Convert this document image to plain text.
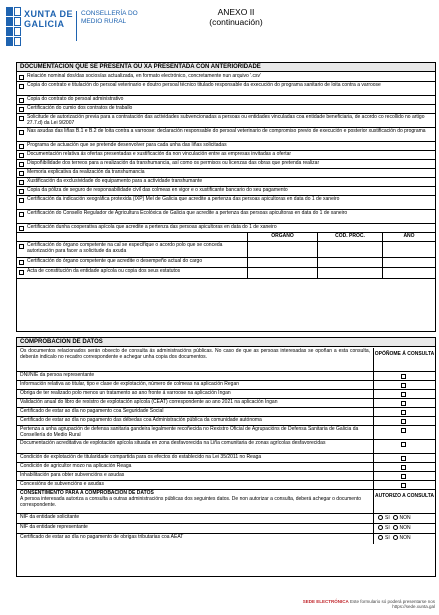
XUNTA DE GALICIA
CONSELLERÍA DO MEDIO RURAL
ANEXO II
(continuación)
DOCUMENTACIÓN QUE SE PRESENTA OU XA PRESENTADA CON ANTERIORIDADE
Relación nominal dos/das socios/as actualizada, en formato electrónico, concretamente nun arquivo '.csv'
Copia do contrato e titulación do persoal veterinario e doutro persoal técnico titulado responsable da execución do programa sanitario de loita contra a varroose
Copia do contrato do persoal administrativo
Certificación do cumio dos contratos de traballo
Solicitude de autorización previa para a contratación das actividades subvencionadas a persoas ou entidades vinculadas coa entidade beneficiaria, de acordo co recollido no artigo 27.7.d) da Lei 9/2007
Nas axudas das liñas B.1 e B.2 de loita contra a varroose: declaración responsable do persoal veterinario de compromiso previo de execución e posterior xustificación do programa
Programa de actuación que se pretende desenvolver para cada unha das liñas solicitadas
Documentación relativa ás ofertas presentadas e xustificación da non vinculación entre as empresas invitadas a ofertar
Dispoñibilidade dos terreos para a realización da transhumancia, así como os permisos ou licenzas das obras que pretenda realizar
Memoria explicativa da realización da transhumancia
Xustificación da exclusividade do equipamento para a actividade transhumante
Copia da póliza de seguro de responsabilidade civil das colmeas en vigor e o xustificante bancario do seu pagamento
Certificación da indicación xeográfica protexida (IXP) Mel de Galicia que acredite a pertenza das persoas apicultoras en data do 1 de xaneiro
Certificación do Consello Regulador de Agricultura Ecolóxica de Galicia que acredite a pertenza das persoas apicultoras en data do 1 de xaneiro
Certificación dunha cooperativa apícola que acredite a pertenza das persoas apicultoras en data do 1 de xaneiro
ÓRGANO	CÓD. PROC.	ANO
Certificación do órgano competente na cal se especifique o acordo polo que se conceda autorización para facer a solicitude da axuda
Certificación do órgano competente que acredite o desempeño actual do cargo
Acta de constitución da entidade apícola ou copia dos seus estatutos
COMPROBACIÓN DE DATOS
Os documentos relacionados serán obxecto de consulta ás administracións públicas. No caso de que as persoas interesadas se opoñan a esta consulta, deberán indicalo no recadro correspondente e achegar unha copia dos documentos.	OPÓÑOME Á CONSULTA
DNI/NIE da persoa representante
Información relativa ao titular, tipo e clase de explotación, número de colmeas na aplicación Regan
Obriga de ter realizado polo menos un tratamento ao ano fronte á varroose na aplicación Ingan
Validación anual do libro de rexistro de explotación apícola (CEAT) correspondente ao ano 2021 na aplicación Ingan
Certificado de estar ao día no pagamento coa Seguridade Social
Certificado de estar ao día no pagamento das débedas coa Administración pública da comunidade autónoma
Pertenza a unha agrupación de defensa sanitaria gandeira legalmente recoñecida no Rexistro Oficial de Agrupacións de Defensa Sanitaria de Galicia da Consellería do Medio Rural
Documentación acreditativa de explotación apícola situada en zona desfavorecida na Liña comunitaria de zonas agrícolas desfavorecidas
Condición de explotación de titularidade compartida para os efectos do establecido na Lei 35/2011 no Reaga
Condición de agricultor mozo na aplicación Reaga
Inhabilitación para obter subvencións e axudas
Concesións de subvencións e axudas
CONSENTIMENTO PARA A COMPROBACIÓN DE DATOS
A persoa interesada autoriza a consulta a outras administracións públicas dos seguintes datos. De non autorizar a consulta, deberá achegar o documento correspondente.
AUTORIZO A CONSULTA
NIF da entidade solicitante	SI NON
NIF da entidade representante	SI NON
Certificado de estar ao día no pagamento de obrigas tributarias coa AEAT	SI NON
SEDE ELECTRÓNICA Este formulario só poderá presentarse nos
https://sede.xunta.gal
